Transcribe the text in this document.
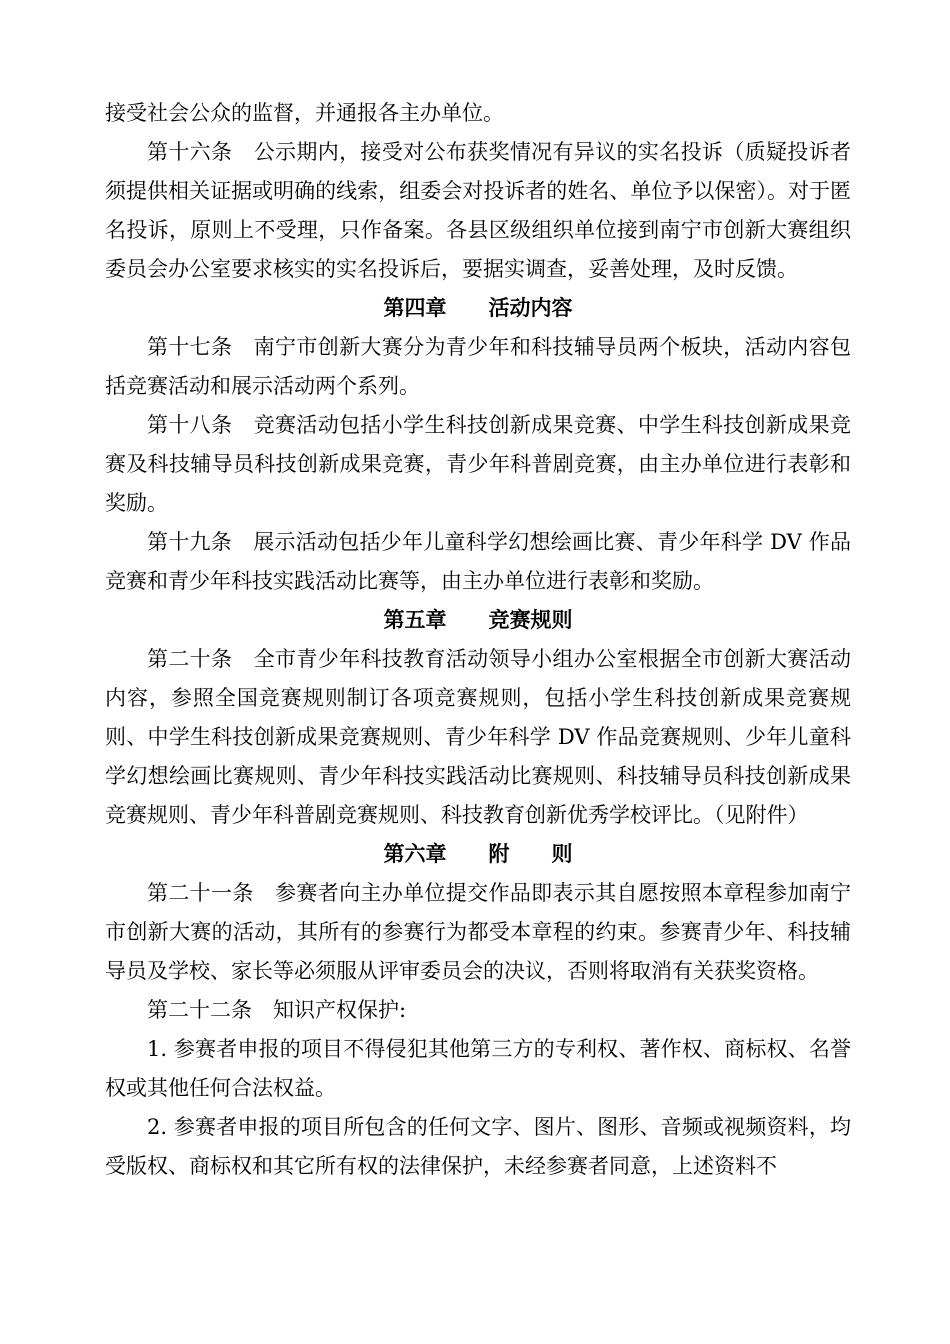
接受社会公众的监督，并通报各主办单位。

第十六条　公示期内，接受对公布获奖情况有异议的实名投诉（质疑投诉者须提供相关证据或明确的线索，组委会对投诉者的姓名、单位予以保密）。对于匿名投诉，原则上不受理，只作备案。各县区级组织单位接到南宁市创新大赛组织委员会办公室要求核实的实名投诉后，要据实调查，妥善处理，及时反馈。

第四章　　活动内容

第十七条　南宁市创新大赛分为青少年和科技辅导员两个板块，活动内容包括竞赛活动和展示活动两个系列。

第十八条　竞赛活动包括小学生科技创新成果竞赛、中学生科技创新成果竞赛及科技辅导员科技创新成果竞赛，青少年科普剧竞赛，由主办单位进行表彰和奖励。

第十九条　展示活动包括少年儿童科学幻想绘画比赛、青少年科学 DV 作品竞赛和青少年科技实践活动比赛等，由主办单位进行表彰和奖励。

第五章　　竞赛规则

第二十条　全市青少年科技教育活动领导小组办公室根据全市创新大赛活动内容，参照全国竞赛规则制订各项竞赛规则，包括小学生科技创新成果竞赛规则、中学生科技创新成果竞赛规则、青少年科学 DV 作品竞赛规则、少年儿童科学幻想绘画比赛规则、青少年科技实践活动比赛规则、科技辅导员科技创新成果竞赛规则、青少年科普剧竞赛规则、科技教育创新优秀学校评比。（见附件）

第六章　　附　　则

第二十一条　参赛者向主办单位提交作品即表示其自愿按照本章程参加南宁市创新大赛的活动，其所有的参赛行为都受本章程的约束。参赛青少年、科技辅导员及学校、家长等必须服从评审委员会的决议，否则将取消有关获奖资格。

第二十二条　知识产权保护:

1. 参赛者申报的项目不得侵犯其他第三方的专利权、著作权、商标权、名誉权或其他任何合法权益。

2. 参赛者申报的项目所包含的任何文字、图片、图形、音频或视频资料，均受版权、商标权和其它所有权的法律保护，未经参赛者同意，上述资料不
